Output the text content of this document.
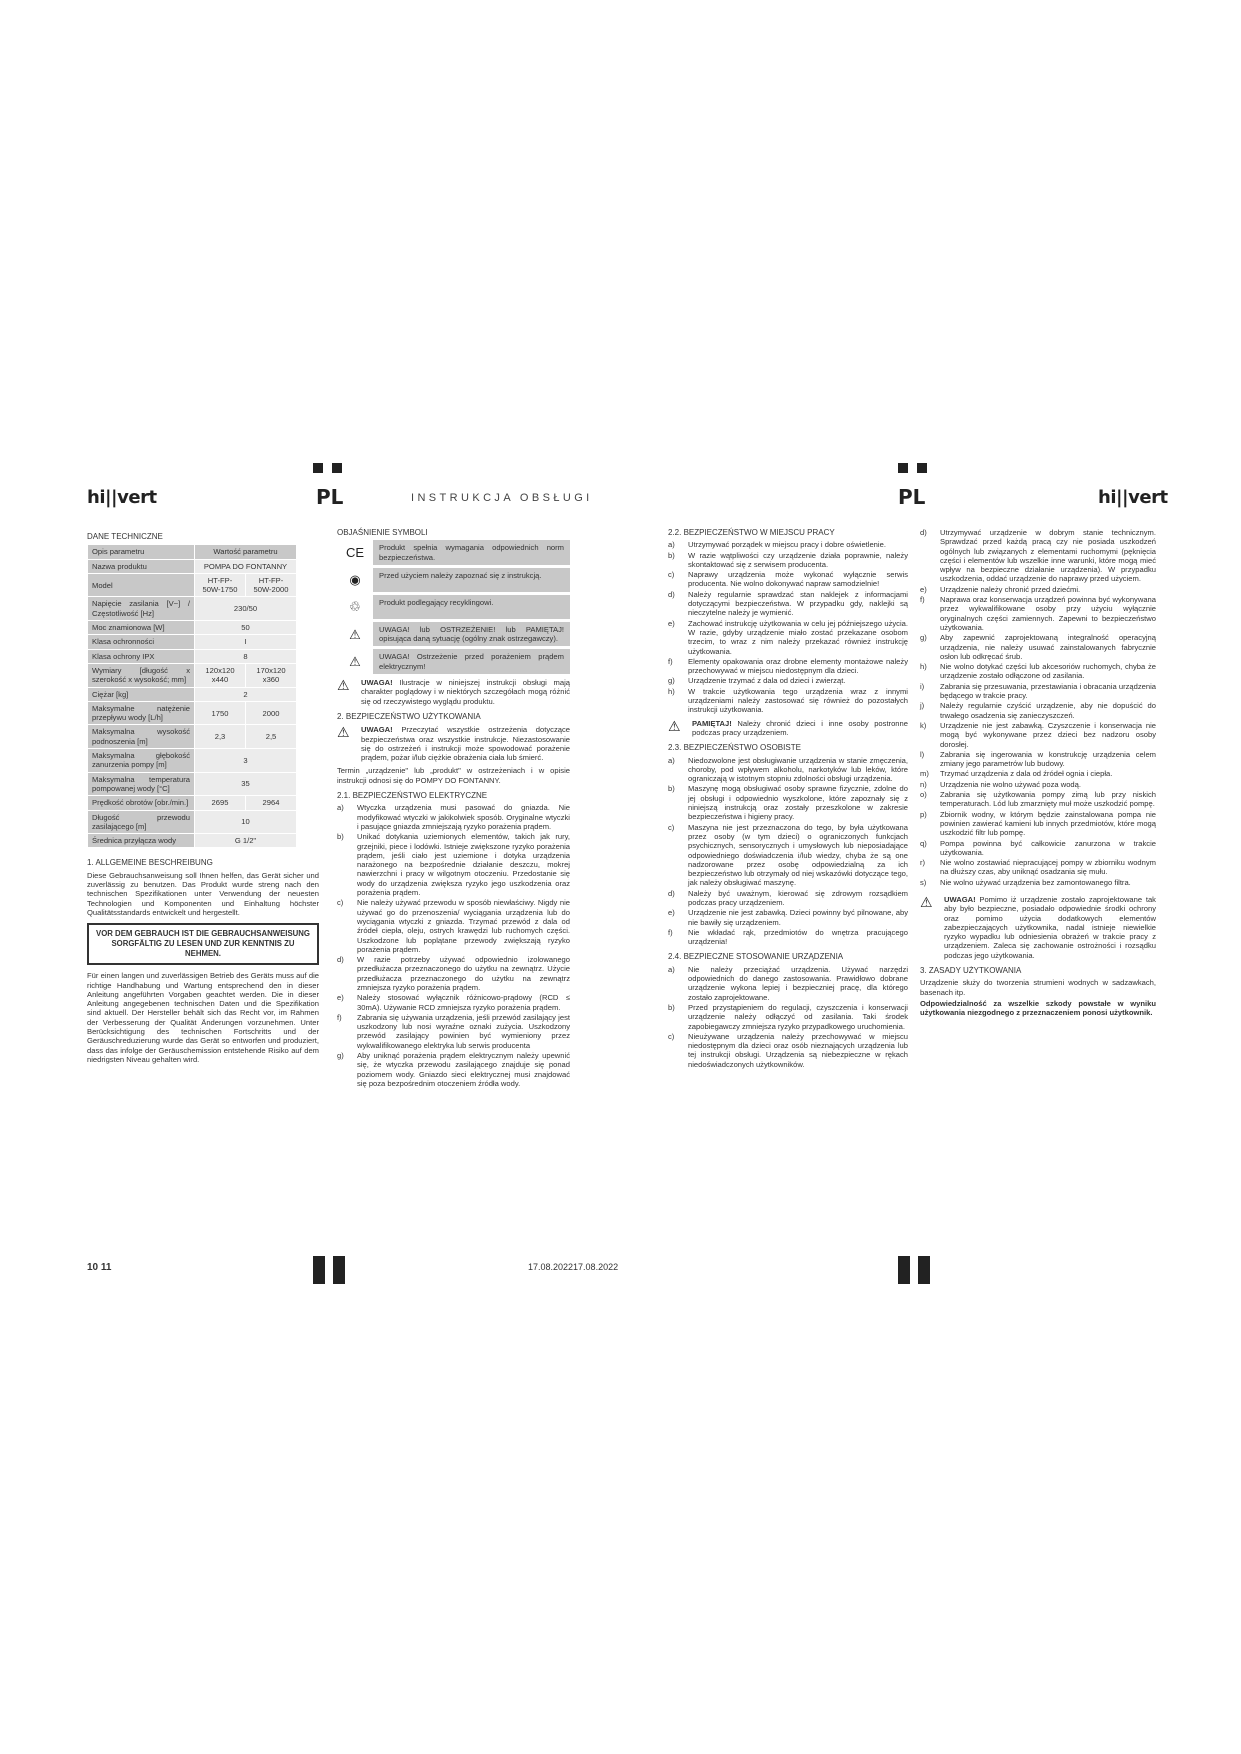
hi||vert	PL	INSTRUKCJA OBSŁUGI	PL	hi||vert
DANE TECHNICZNE
Opis parametru	Wartość parametru	
Nazwa produktu	POMPA DO FONTANNY	
Model	HT-FP-50W-1750	HT-FP-50W-2000
Napięcie zasilania [V~] / Częstotliwość [Hz]	230/50	
Moc znamionowa [W]	50	
Klasa ochronności	I	
Klasa ochrony IPX	8	
Wymiary [długość x szerokość x wysokość; mm]	120x120 x440	170x120 x360
Ciężar [kg]	2	
Maksymalne natężenie przepływu wody [L/h]	1750	2000
Maksymalna wysokość podnoszenia [m]	2,3	2,5
Maksymalna głębokość zanurzenia pompy [m]	3	
Maksymalna temperatura pompowanej wody [°C]	35	
Prędkość obrotów [obr./min.]	2695	2964
Długość przewodu zasilającego [m]	10	
Średnica przyłącza wody	G 1/2"	
1. ALLGEMEINE BESCHREIBUNG

Diese Gebrauchsanweisung soll Ihnen helfen, das Gerät sicher und zuverlässig zu benutzen. Das Produkt wurde streng nach den technischen Spezifikationen unter Verwendung der neuesten Technologien und Komponenten und Einhaltung höchster Qualitätsstandards entwickelt und hergestellt.

VOR DEM GEBRAUCH IST DIE GEBRAUCHSANWEISUNG SORGFÄLTIG ZU LESEN UND ZUR KENNTNIS ZU NEHMEN.

Für einen langen und zuverlässigen Betrieb des Geräts muss auf die richtige Handhabung und Wartung entsprechend den in dieser Anleitung angeführten Vorgaben geachtet werden. Die in dieser Anleitung angegebenen technischen Daten und die Spezifikation sind aktuell. Der Hersteller behält sich das Recht vor, im Rahmen der Verbesserung der Qualität Änderungen vorzunehmen. Unter Berücksichtigung des technischen Fortschritts und der Geräuschreduzierung wurde das Gerät so entworfen und produziert, dass das infolge der Geräuschemission entstehende Risiko auf dem niedrigsten Niveau gehalten wird.

OBJAŚNIENIE SYMBOLI
CE	Produkt spełnia wymagania odpowiednich norm bezpieczeństwa.
◉	Przed użyciem należy zapoznać się z instrukcją.
♲	Produkt podlegający recyklingowi.
⚠	UWAGA! lub OSTRZEŻENIE! lub PAMIĘTAJ! opisująca daną sytuację (ogólny znak ostrzegawczy).
⚠	UWAGA! Ostrzeżenie przed porażeniem prądem elektrycznym!
⚠	UWAGA! Ilustracje w niniejszej instrukcji obsługi mają charakter poglądowy i w niektórych szczegółach mogą różnić się od rzeczywistego wyglądu produktu.
2. BEZPIECZEŃSTWO UŻYTKOWANIA
⚠	UWAGA! Przeczytać wszystkie ostrzeżenia dotyczące bezpieczeństwa oraz wszystkie instrukcje. Niezastosowanie się do ostrzeżeń i instrukcji może spowodować porażenie prądem, pożar i/lub ciężkie obrażenia ciała lub śmierć.

Termin „urządzenie" lub „produkt" w ostrzeżeniach i w opisie instrukcji odnosi się do POMPY DO FONTANNY.

2.1. BEZPIECZEŃSTWO ELEKTRYCZNE
a)	Wtyczka urządzenia musi pasować do gniazda. Nie modyfikować wtyczki w jakikolwiek sposób. Oryginalne wtyczki i pasujące gniazda zmniejszają ryzyko porażenia prądem.
b)	Unikać dotykania uziemionych elementów, takich jak rury, grzejniki, piece i lodówki. Istnieje zwiększone ryzyko porażenia prądem, jeśli ciało jest uziemione i dotyka urządzenia narażonego na bezpośrednie działanie deszczu, mokrej nawierzchni i pracy w wilgotnym otoczeniu. Przedostanie się wody do urządzenia zwiększa ryzyko jego uszkodzenia oraz porażenia prądem.
c)	Nie należy używać przewodu w sposób niewłaściwy. Nigdy nie używać go do przenoszenia/ wyciągania urządzenia lub do wyciągania wtyczki z gniazda. Trzymać przewód z dala od źródeł ciepła, oleju, ostrych krawędzi lub ruchomych części. Uszkodzone lub poplątane przewody zwiększają ryzyko porażenia prądem.
d)	W razie potrzeby używać odpowiednio izolowanego przedłużacza przeznaczonego do użytku na zewnątrz. Użycie przedłużacza przeznaczonego do użytku na zewnątrz zmniejsza ryzyko porażenia prądem.
e)	Należy stosować wyłącznik różnicowo-prądowy (RCD ≤ 30mA). Używanie RCD zmniejsza ryzyko porażenia prądem.
f)	Zabrania się używania urządzenia, jeśli przewód zasilający jest uszkodzony lub nosi wyraźne oznaki zużycia. Uszkodzony przewód zasilający powinien być wymieniony przez wykwalifikowanego elektryka lub serwis producenta
g)	Aby uniknąć porażenia prądem elektrycznym należy upewnić się, że wtyczka przewodu zasilającego znajduje się ponad poziomem wody. Gniazdo sieci elektrycznej musi znajdować się poza bezpośrednim otoczeniem źródła wody.
2.2. BEZPIECZEŃSTWO W MIEJSCU PRACY
a)	Utrzymywać porządek w miejscu pracy i dobre oświetlenie.
b)	W razie wątpliwości czy urządzenie działa poprawnie, należy skontaktować się z serwisem producenta.
c)	Naprawy urządzenia może wykonać wyłącznie serwis producenta. Nie wolno dokonywać napraw samodzielnie!
d)	Należy regularnie sprawdzać stan naklejek z informacjami dotyczącymi bezpieczeństwa. W przypadku gdy, naklejki są nieczytelne należy je wymienić.
e)	Zachować instrukcję użytkowania w celu jej późniejszego użycia. W razie, gdyby urządzenie miało zostać przekazane osobom trzecim, to wraz z nim należy przekazać również instrukcję użytkowania.
f)	Elementy opakowania oraz drobne elementy montażowe należy przechowywać w miejscu niedostępnym dla dzieci.
g)	Urządzenie trzymać z dala od dzieci i zwierząt.
h)	W trakcie użytkowania tego urządzenia wraz z innymi urządzeniami należy zastosować się również do pozostałych instrukcji użytkowania.
⚠	PAMIĘTAJ! Należy chronić dzieci i inne osoby postronne podczas pracy urządzeniem.
2.3. BEZPIECZEŃSTWO OSOBISTE
a)	Niedozwolone jest obsługiwanie urządzenia w stanie zmęczenia, choroby, pod wpływem alkoholu, narkotyków lub leków, które ograniczają w istotnym stopniu zdolności obsługi urządzenia.
b)	Maszynę mogą obsługiwać osoby sprawne fizycznie, zdolne do jej obsługi i odpowiednio wyszkolone, które zapoznały się z niniejszą instrukcją oraz zostały przeszkolone w zakresie bezpieczeństwa i higieny pracy.
c)	Maszyna nie jest przeznaczona do tego, by była użytkowana przez osoby (w tym dzieci) o ograniczonych funkcjach psychicznych, sensorycznych i umysłowych lub nieposiadające odpowiedniego doświadczenia i/lub wiedzy, chyba że są one nadzorowane przez osobę odpowiedzialną za ich bezpieczeństwo lub otrzymały od niej wskazówki dotyczące tego, jak należy obsługiwać maszynę.
d)	Należy być uważnym, kierować się zdrowym rozsądkiem podczas pracy urządzeniem.
e)	Urządzenie nie jest zabawką. Dzieci powinny być pilnowane, aby nie bawiły się urządzeniem.
f)	Nie wkładać rąk, przedmiotów do wnętrza pracującego urządzenia!
2.4. BEZPIECZNE STOSOWANIE URZĄDZENIA
a)	Nie należy przeciążać urządzenia. Używać narzędzi odpowiednich do danego zastosowania. Prawidłowo dobrane urządzenie wykona lepiej i bezpieczniej pracę, dla którego zostało zaprojektowane.
b)	Przed przystąpieniem do regulacji, czyszczenia i konserwacji urządzenie należy odłączyć od zasilania. Taki środek zapobiegawczy zmniejsza ryzyko przypadkowego uruchomienia.
c)	Nieużywane urządzenia należy przechowywać w miejscu niedostępnym dla dzieci oraz osób nieznających urządzenia lub tej instrukcji obsługi. Urządzenia są niebezpieczne w rękach niedoświadczonych użytkowników.
d)	Utrzymywać urządzenie w dobrym stanie technicznym. Sprawdzać przed każdą pracą czy nie posiada uszkodzeń ogólnych lub związanych z elementami ruchomymi (pęknięcia części i elementów lub wszelkie inne warunki, które mogą mieć wpływ na bezpieczne działanie urządzenia). W przypadku uszkodzenia, oddać urządzenie do naprawy przed użyciem.
e)	Urządzenie należy chronić przed dziećmi.
f)	Naprawa oraz konserwacja urządzeń powinna być wykonywana przez wykwalifikowane osoby przy użyciu wyłącznie oryginalnych części zamiennych. Zapewni to bezpieczeństwo użytkowania.
g)	Aby zapewnić zaprojektowaną integralność operacyjną urządzenia, nie należy usuwać zainstalowanych fabrycznie osłon lub odkręcać śrub.
h)	Nie wolno dotykać części lub akcesoriów ruchomych, chyba że urządzenie zostało odłączone od zasilania.
i)	Zabrania się przesuwania, przestawiania i obracania urządzenia będącego w trakcie pracy.
j)	Należy regularnie czyścić urządzenie, aby nie dopuścić do trwałego osadzenia się zanieczyszczeń.
k)	Urządzenie nie jest zabawką. Czyszczenie i konserwacja nie mogą być wykonywane przez dzieci bez nadzoru osoby dorosłej.
l)	Zabrania się ingerowania w konstrukcję urządzenia celem zmiany jego parametrów lub budowy.
m)	Trzymać urządzenia z dala od źródeł ognia i ciepła.
n)	Urządzenia nie wolno używać poza wodą.
o)	Zabrania się użytkowania pompy zimą lub przy niskich temperaturach. Lód lub zmarznięty muł może uszkodzić pompę.
p)	Zbiornik wodny, w którym będzie zainstalowana pompa nie powinien zawierać kamieni lub innych przedmiotów, które mogą uszkodzić filtr lub pompę.
q)	Pompa powinna być całkowicie zanurzona w trakcie użytkowania.
r)	Nie wolno zostawiać niepracującej pompy w zbiorniku wodnym na dłuższy czas, aby uniknąć osadzania się mułu.
s)	Nie wolno używać urządzenia bez zamontowanego filtra.
⚠	UWAGA! Pomimo iż urządzenie zostało zaprojektowane tak aby było bezpieczne, posiadało odpowiednie środki ochrony oraz pomimo użycia dodatkowych elementów zabezpieczających użytkownika, nadal istnieje niewielkie ryzyko wypadku lub odniesienia obrażeń w trakcie pracy z urządzeniem. Zaleca się zachowanie ostrożności i rozsądku podczas jego użytkowania.
3. ZASADY UŻYTKOWANIA

Urządzenie służy do tworzenia strumieni wodnych w sadzawkach, basenach itp.

Odpowiedzialność za wszelkie szkody powstałe w wyniku użytkowania niezgodnego z przeznaczeniem ponosi użytkownik.

10 11	17.08.202217.08.2022
